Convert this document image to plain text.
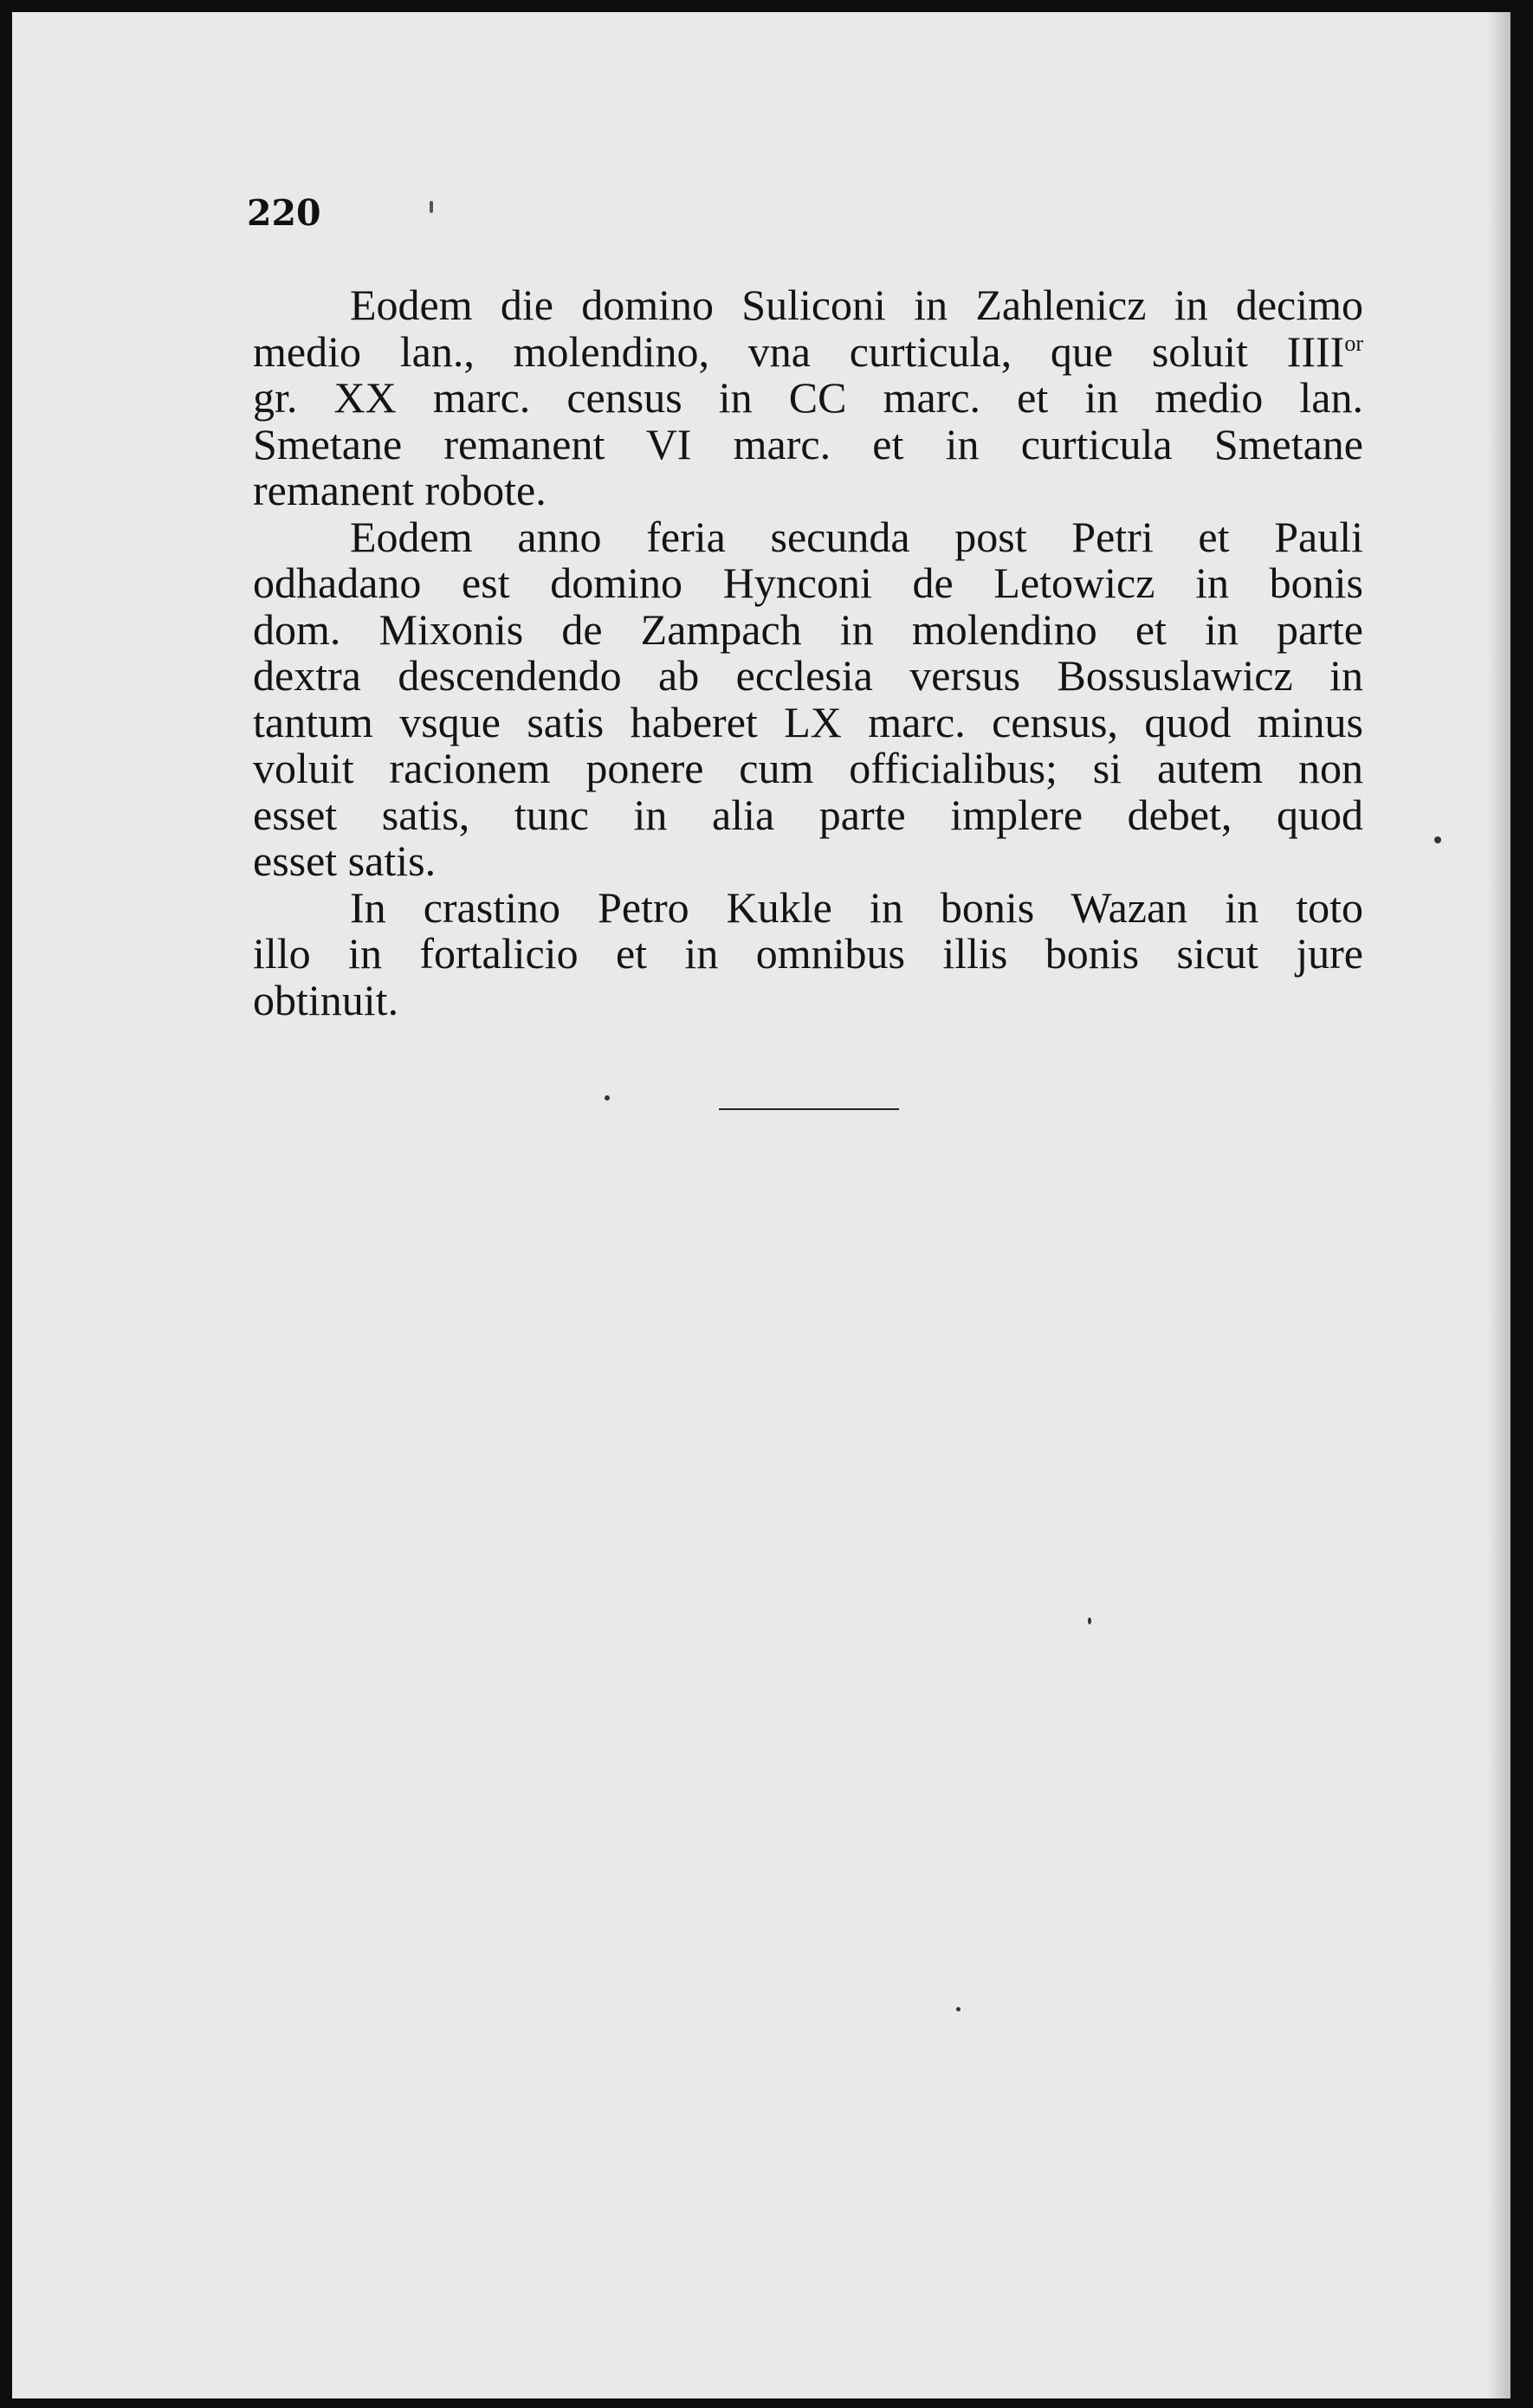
220

Eodem die domino Suliconi in Zahlenicz in decimo
medio lan., molendino, vna curticula, que soluit $IIII^{or}$
gr. XX marc. census in CC marc. et in medio lan.
Smetane remanent VI marc. et in curticula Smetane
remanent robote.

Eodem anno feria secunda post Petri et Pauli
odhadano est domino Hynconi de Letowicz in bonis
dom. Mixonis de Zampach in molendino et in parte
dextra descendendo ab ecclesia versus Bossuslawicz in
tantum vsque satis haberet LX marc. census, quod minus
voluit racionem ponere cum officialibus; si autem non
esset satis, tunc in alia parte implere debet, quod
esset satis.

In crastino Petro Kukle in bonis Wazan in toto
illo in fortalicio et in omnibus illis bonis sicut jure
obtinuit.
